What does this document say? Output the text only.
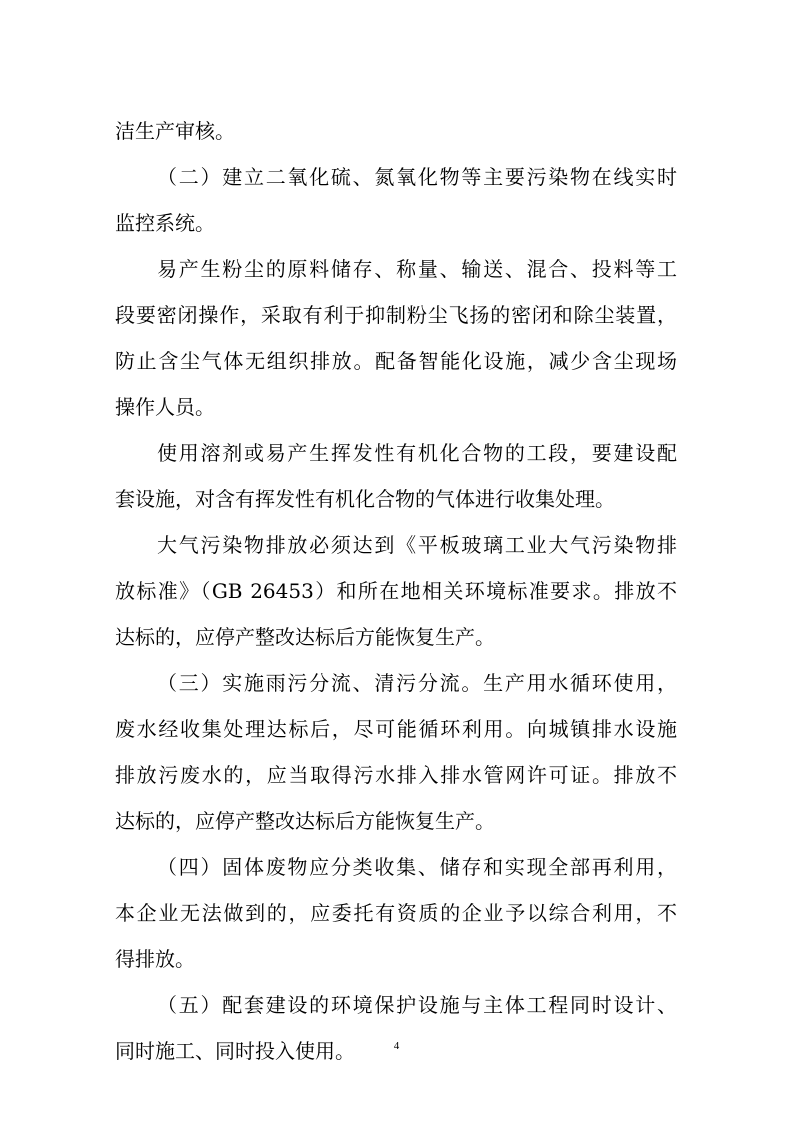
洁生产审核。
（二）建立二氧化硫、氮氧化物等主要污染物在线实时
监控系统。
易产生粉尘的原料储存、称量、输送、混合、投料等工
段要密闭操作，采取有利于抑制粉尘飞扬的密闭和除尘装置，
防止含尘气体无组织排放。配备智能化设施，减少含尘现场
操作人员。
使用溶剂或易产生挥发性有机化合物的工段，要建设配
套设施，对含有挥发性有机化合物的气体进行收集处理。
大气污染物排放必须达到《平板玻璃工业大气污染物排
放标准》（GB 26453）和所在地相关环境标准要求。排放不
达标的，应停产整改达标后方能恢复生产。
（三）实施雨污分流、清污分流。生产用水循环使用，
废水经收集处理达标后，尽可能循环利用。向城镇排水设施
排放污废水的，应当取得污水排入排水管网许可证。排放不
达标的，应停产整改达标后方能恢复生产。
（四）固体废物应分类收集、储存和实现全部再利用，
本企业无法做到的，应委托有资质的企业予以综合利用，不
得排放。
（五）配套建设的环境保护设施与主体工程同时设计、
同时施工、同时投入使用。	4
